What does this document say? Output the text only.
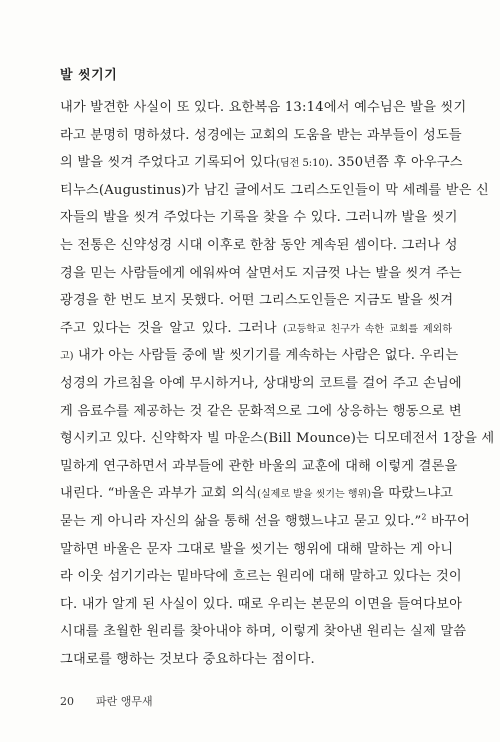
발 씻기기
내가 발견한 사실이 또 있다. 요한복음 13:14에서 예수님은 발을 씻기
라고 분명히 명하셨다. 성경에는 교회의 도움을 받는 과부들이 성도들
의 발을 씻겨 주었다고 기록되어 있다(딤전 5:10). 350년쯤 후 아우구스
티누스(Augustinus)가 남긴 글에서도 그리스도인들이 막 세례를 받은 신
자들의 발을 씻겨 주었다는 기록을 찾을 수 있다. 그러니까 발을 씻기
는 전통은 신약성경 시대 이후로 한참 동안 계속된 셈이다. 그러나 성
경을 믿는 사람들에게 에워싸여 살면서도 지금껏 나는 발을 씻겨 주는
광경을 한 번도 보지 못했다. 어떤 그리스도인들은 지금도 발을 씻겨
주고 있다는 것을 알고 있다. 그러나 (고등학교 친구가 속한 교회를 제외하
고) 내가 아는 사람들 중에 발 씻기기를 계속하는 사람은 없다. 우리는
성경의 가르침을 아예 무시하거나, 상대방의 코트를 걸어 주고 손님에
게 음료수를 제공하는 것 같은 문화적으로 그에 상응하는 행동으로 변
형시키고 있다. 신약학자 빌 마운스(Bill Mounce)는 디모데전서 1장을 세
밀하게 연구하면서 과부들에 관한 바울의 교훈에 대해 이렇게 결론을
내린다. “바울은 과부가 교회 의식(실제로 발을 씻기는 행위)을 따랐느냐고
묻는 게 아니라 자신의 삶을 통해 선을 행했느냐고 묻고 있다.”$^2$ 바꾸어
말하면 바울은 문자 그대로 발을 씻기는 행위에 대해 말하는 게 아니
라 이웃 섬기기라는 밑바닥에 흐르는 원리에 대해 말하고 있다는 것이
다. 내가 알게 된 사실이 있다. 때로 우리는 본문의 이면을 들여다보아
시대를 초월한 원리를 찾아내야 하며, 이렇게 찾아낸 원리는 실제 말씀
그대로를 행하는 것보다 중요하다는 점이다.
20 파란 앵무새
